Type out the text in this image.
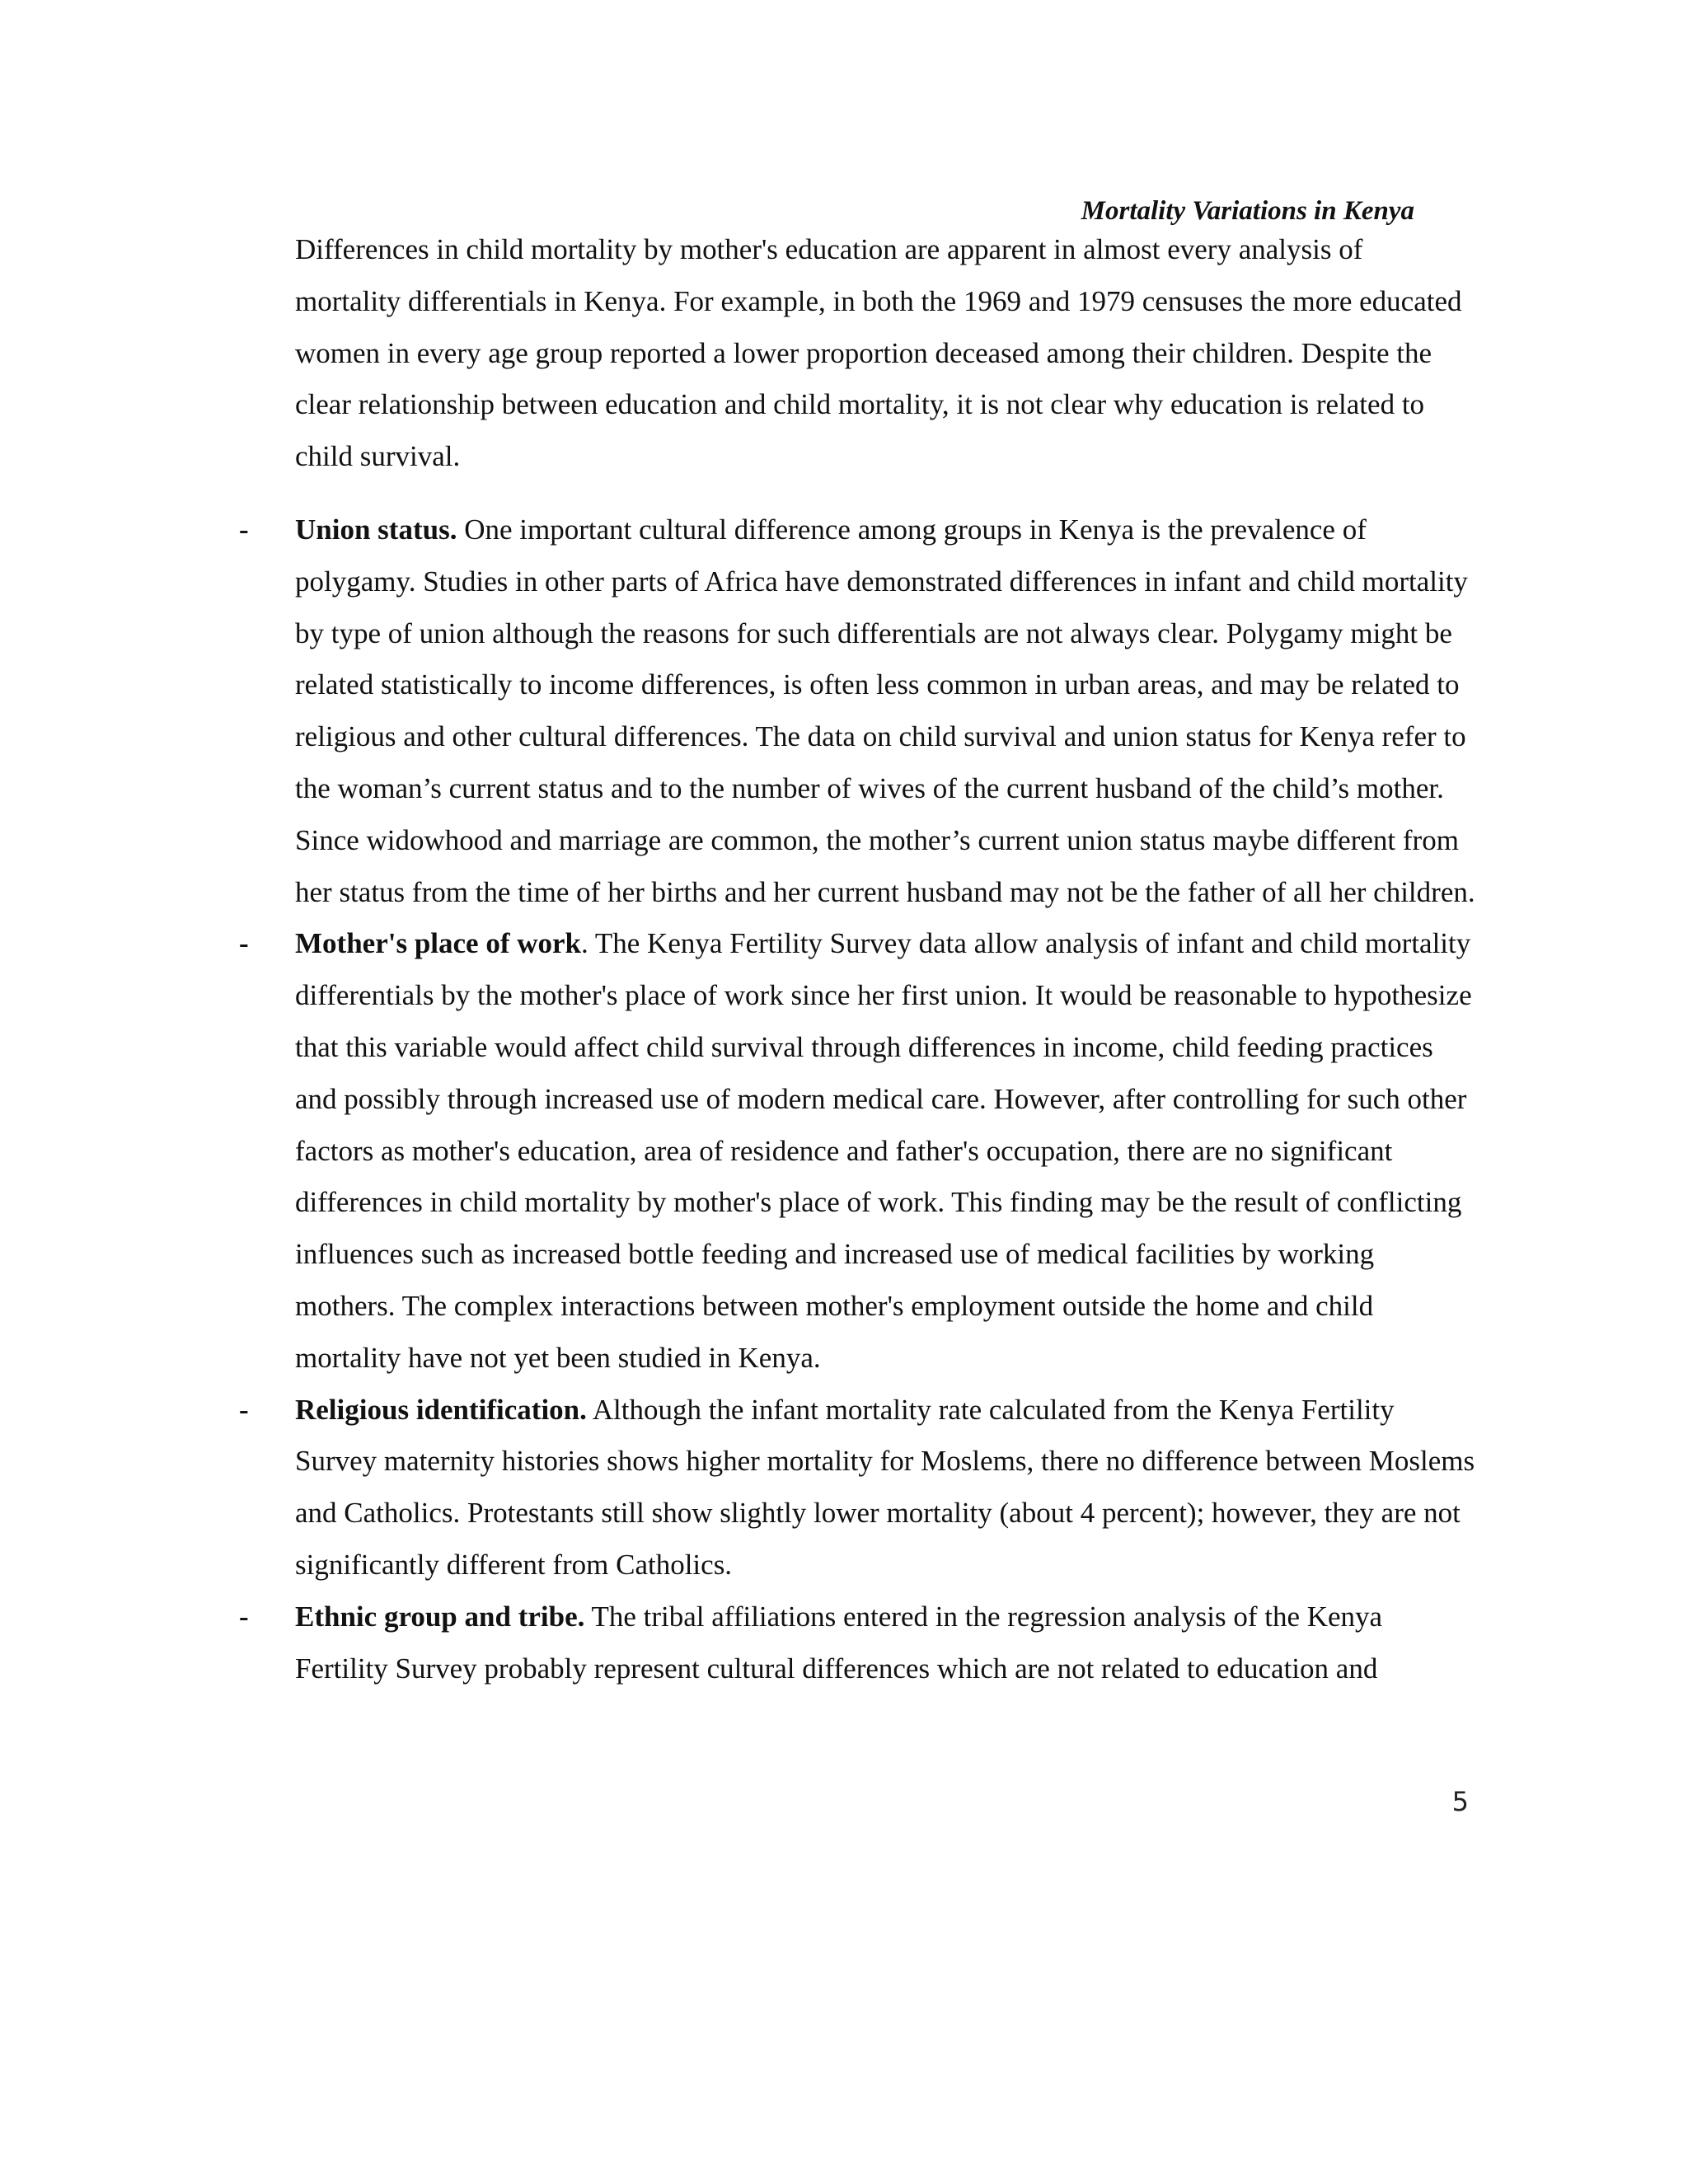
Mortality Variations in Kenya

Differences in child mortality by mother's education are apparent in almost every analysis of mortality differentials in Kenya. For example, in both the 1969 and 1979 censuses the more educated women in every age group reported a lower proportion deceased among their children. Despite the clear relationship between education and child mortality, it is not clear why education is related to child survival.

- Union status. One important cultural difference among groups in Kenya is the prevalence of polygamy. Studies in other parts of Africa have demonstrated differences in infant and child mortality by type of union although the reasons for such differentials are not always clear. Polygamy might be related statistically to income differences, is often less common in urban areas, and may be related to religious and other cultural differences. The data on child survival and union status for Kenya refer to the woman’s current status and to the number of wives of the current husband of the child’s mother. Since widowhood and marriage are common, the mother’s current union status maybe different from her status from the time of her births and her current husband may not be the father of all her children.
- Mother's place of work. The Kenya Fertility Survey data allow analysis of infant and child mortality differentials by the mother's place of work since her first union. It would be reasonable to hypothesize that this variable would affect child survival through differences in income, child feeding practices and possibly through increased use of modern medical care. However, after controlling for such other factors as mother's education, area of residence and father's occupation, there are no significant differences in child mortality by mother's place of work. This finding may be the result of conflicting influences such as increased bottle feeding and increased use of medical facilities by working mothers. The complex interactions between mother's employment outside the home and child mortality have not yet been studied in Kenya.
- Religious identification. Although the infant mortality rate calculated from the Kenya Fertility Survey maternity histories shows higher mortality for Moslems, there no difference between Moslems and Catholics. Protestants still show slightly lower mortality (about 4 percent); however, they are not significantly different from Catholics.
- Ethnic group and tribe. The tribal affiliations entered in the regression analysis of the Kenya Fertility Survey probably represent cultural differences which are not related to education and
5
